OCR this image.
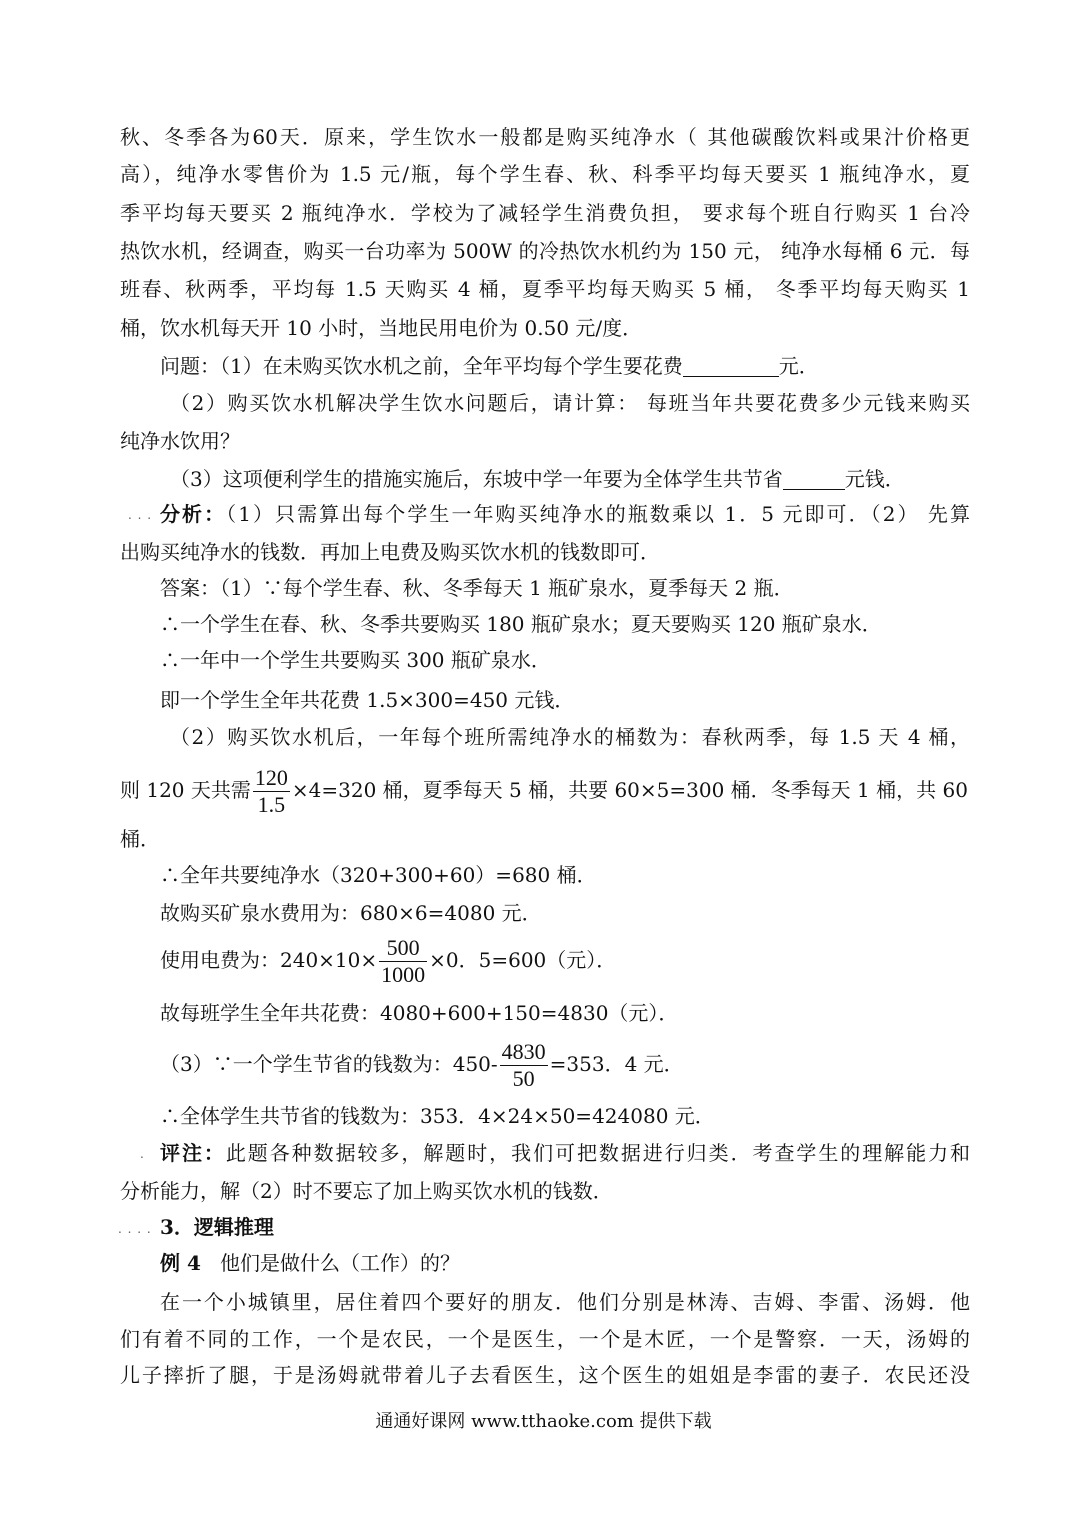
秋、冬季各为60天．原来，学生饮水一般都是购买纯净水（ 其他碳酸饮料或果汁价格更
高），纯净水零售价为 1.5 元/瓶，每个学生春、秋、科季平均每天要买 1 瓶纯净水，夏
季平均每天要买 2 瓶纯净水．学校为了减轻学生消费负担， 要求每个班自行购买 1 台冷
热饮水机，经调查，购买一台功率为 500W 的冷热饮水机约为 150 元， 纯净水每桶 6 元．每
班春、秋两季，平均每 1.5 天购买 4 桶，夏季平均每天购买 5 桶， 冬季平均每天购买 1
桶，饮水机每天开 10 小时，当地民用电价为 0.50 元/度．
问题：（1）在未购买饮水机之前，全年平均每个学生要花费	元．
（2）购买饮水机解决学生饮水问题后，请计算： 每班当年共要花费多少元钱来购买
纯净水饮用？
（3）这项便利学生的措施实施后，东坡中学一年要为全体学生共节省	元钱．
. . . 分析：（1）只需算出每个学生一年购买纯净水的瓶数乘以 1．5 元即可．（2） 先算
出购买纯净水的钱数．再加上电费及购买饮水机的钱数即可．
答案：（1）∵每个学生春、秋、冬季每天 1 瓶矿泉水，夏季每天 2 瓶．
∴一个学生在春、秋、冬季共要购买 180 瓶矿泉水；夏天要购买 120 瓶矿泉水．
∴一年中一个学生共要购买 300 瓶矿泉水．
即一个学生全年共花费 1.5×300=450 元钱．
（2）购买饮水机后，一年每个班所需纯净水的桶数为：春秋两季，每 1.5 天 4 桶，
则 120 天共需 $\frac{120}{1.5} \times 4=320$ 桶，夏季每天 5 桶，共要 60×5=300 桶．冬季每天 1 桶，共 60
桶．
∴全年共要纯净水（320+300+60）=680 桶．
故购买矿泉水费用为：680×6=4080 元．
使用电费为：$240\times 10\times \frac{500}{1000} \times 0$．5=600（元）．
故每班学生全年共花费：4080+600+150=4830（元）．
（3）∵一个学生节省的钱数为：$450- \frac{4830}{50} =353$．4 元．
∴全体学生共节省的钱数为：353．4×24×50=424080 元．
. 评注：此题各种数据较多，解题时，我们可把数据进行归类．考查学生的理解能力和
分析能力，解（2）时不要忘了加上购买饮水机的钱数．
. . . . 3．逻辑推理
例 4 他们是做什么（工作）的？
在一个小城镇里，居住着四个要好的朋友．他们分别是林涛、吉姆、李雷、汤姆．他
们有着不同的工作，一个是农民，一个是医生，一个是木匠，一个是警察．一天，汤姆的
儿子摔折了腿，于是汤姆就带着儿子去看医生，这个医生的姐姐是李雷的妻子．农民还没
通通好课网 www.tthaoke.com 提供下载
